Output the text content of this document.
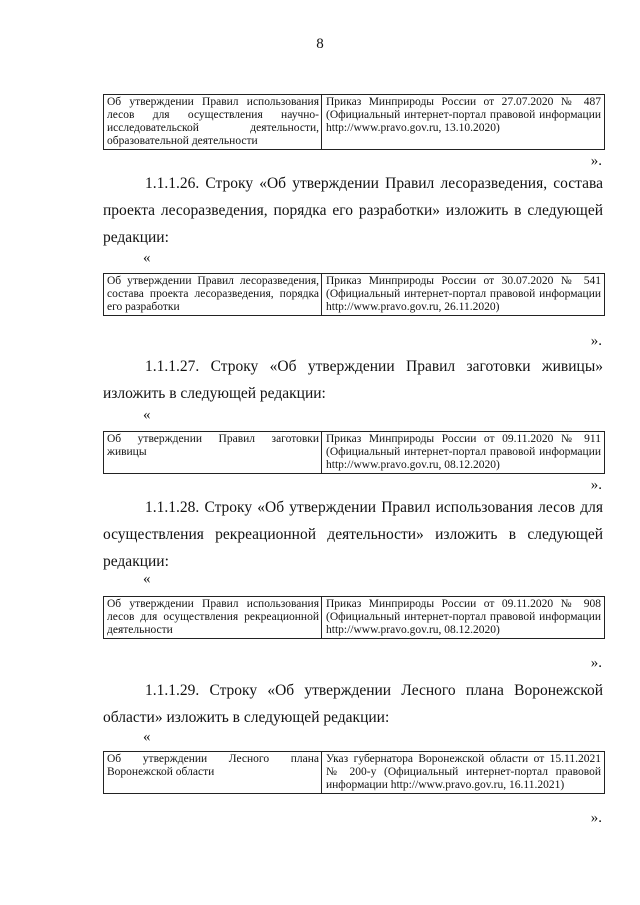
8
Об утверждении Правил использования лесов для осуществления научно-исследовательской деятельности, образовательной деятельности
Приказ Минприроды России от 27.07.2020 № 487 (Официальный интернет-портал правовой информации http://www.pravo.gov.ru, 13.10.2020)
».
1.1.1.26. Строку «Об утверждении Правил лесоразведения, состава проекта лесоразведения, порядка его разработки» изложить в следующей редакции:
«
Об утверждении Правил лесоразведения, состава проекта лесоразведения, порядка его разработки
Приказ Минприроды России от 30.07.2020 № 541 (Официальный интернет-портал правовой информации http://www.pravo.gov.ru, 26.11.2020)
».
1.1.1.27. Строку «Об утверждении Правил заготовки живицы» изложить в следующей редакции:
«
Об утверждении Правил заготовки живицы
Приказ Минприроды России от 09.11.2020 № 911 (Официальный интернет-портал правовой информации http://www.pravo.gov.ru, 08.12.2020)
».
1.1.1.28. Строку «Об утверждении Правил использования лесов для осуществления рекреационной деятельности» изложить в следующей редакции:
«
Об утверждении Правил использования лесов для осуществления рекреационной деятельности
Приказ Минприроды России от 09.11.2020 № 908 (Официальный интернет-портал правовой информации http://www.pravo.gov.ru, 08.12.2020)
».
1.1.1.29. Строку «Об утверждении Лесного плана Воронежской области» изложить в следующей редакции:
«
Об утверждении Лесного плана Воронежской области
Указ губернатора Воронежской области от 15.11.2021 № 200-у (Официальный интернет-портал правовой информации http://www.pravo.gov.ru, 16.11.2021)
».
